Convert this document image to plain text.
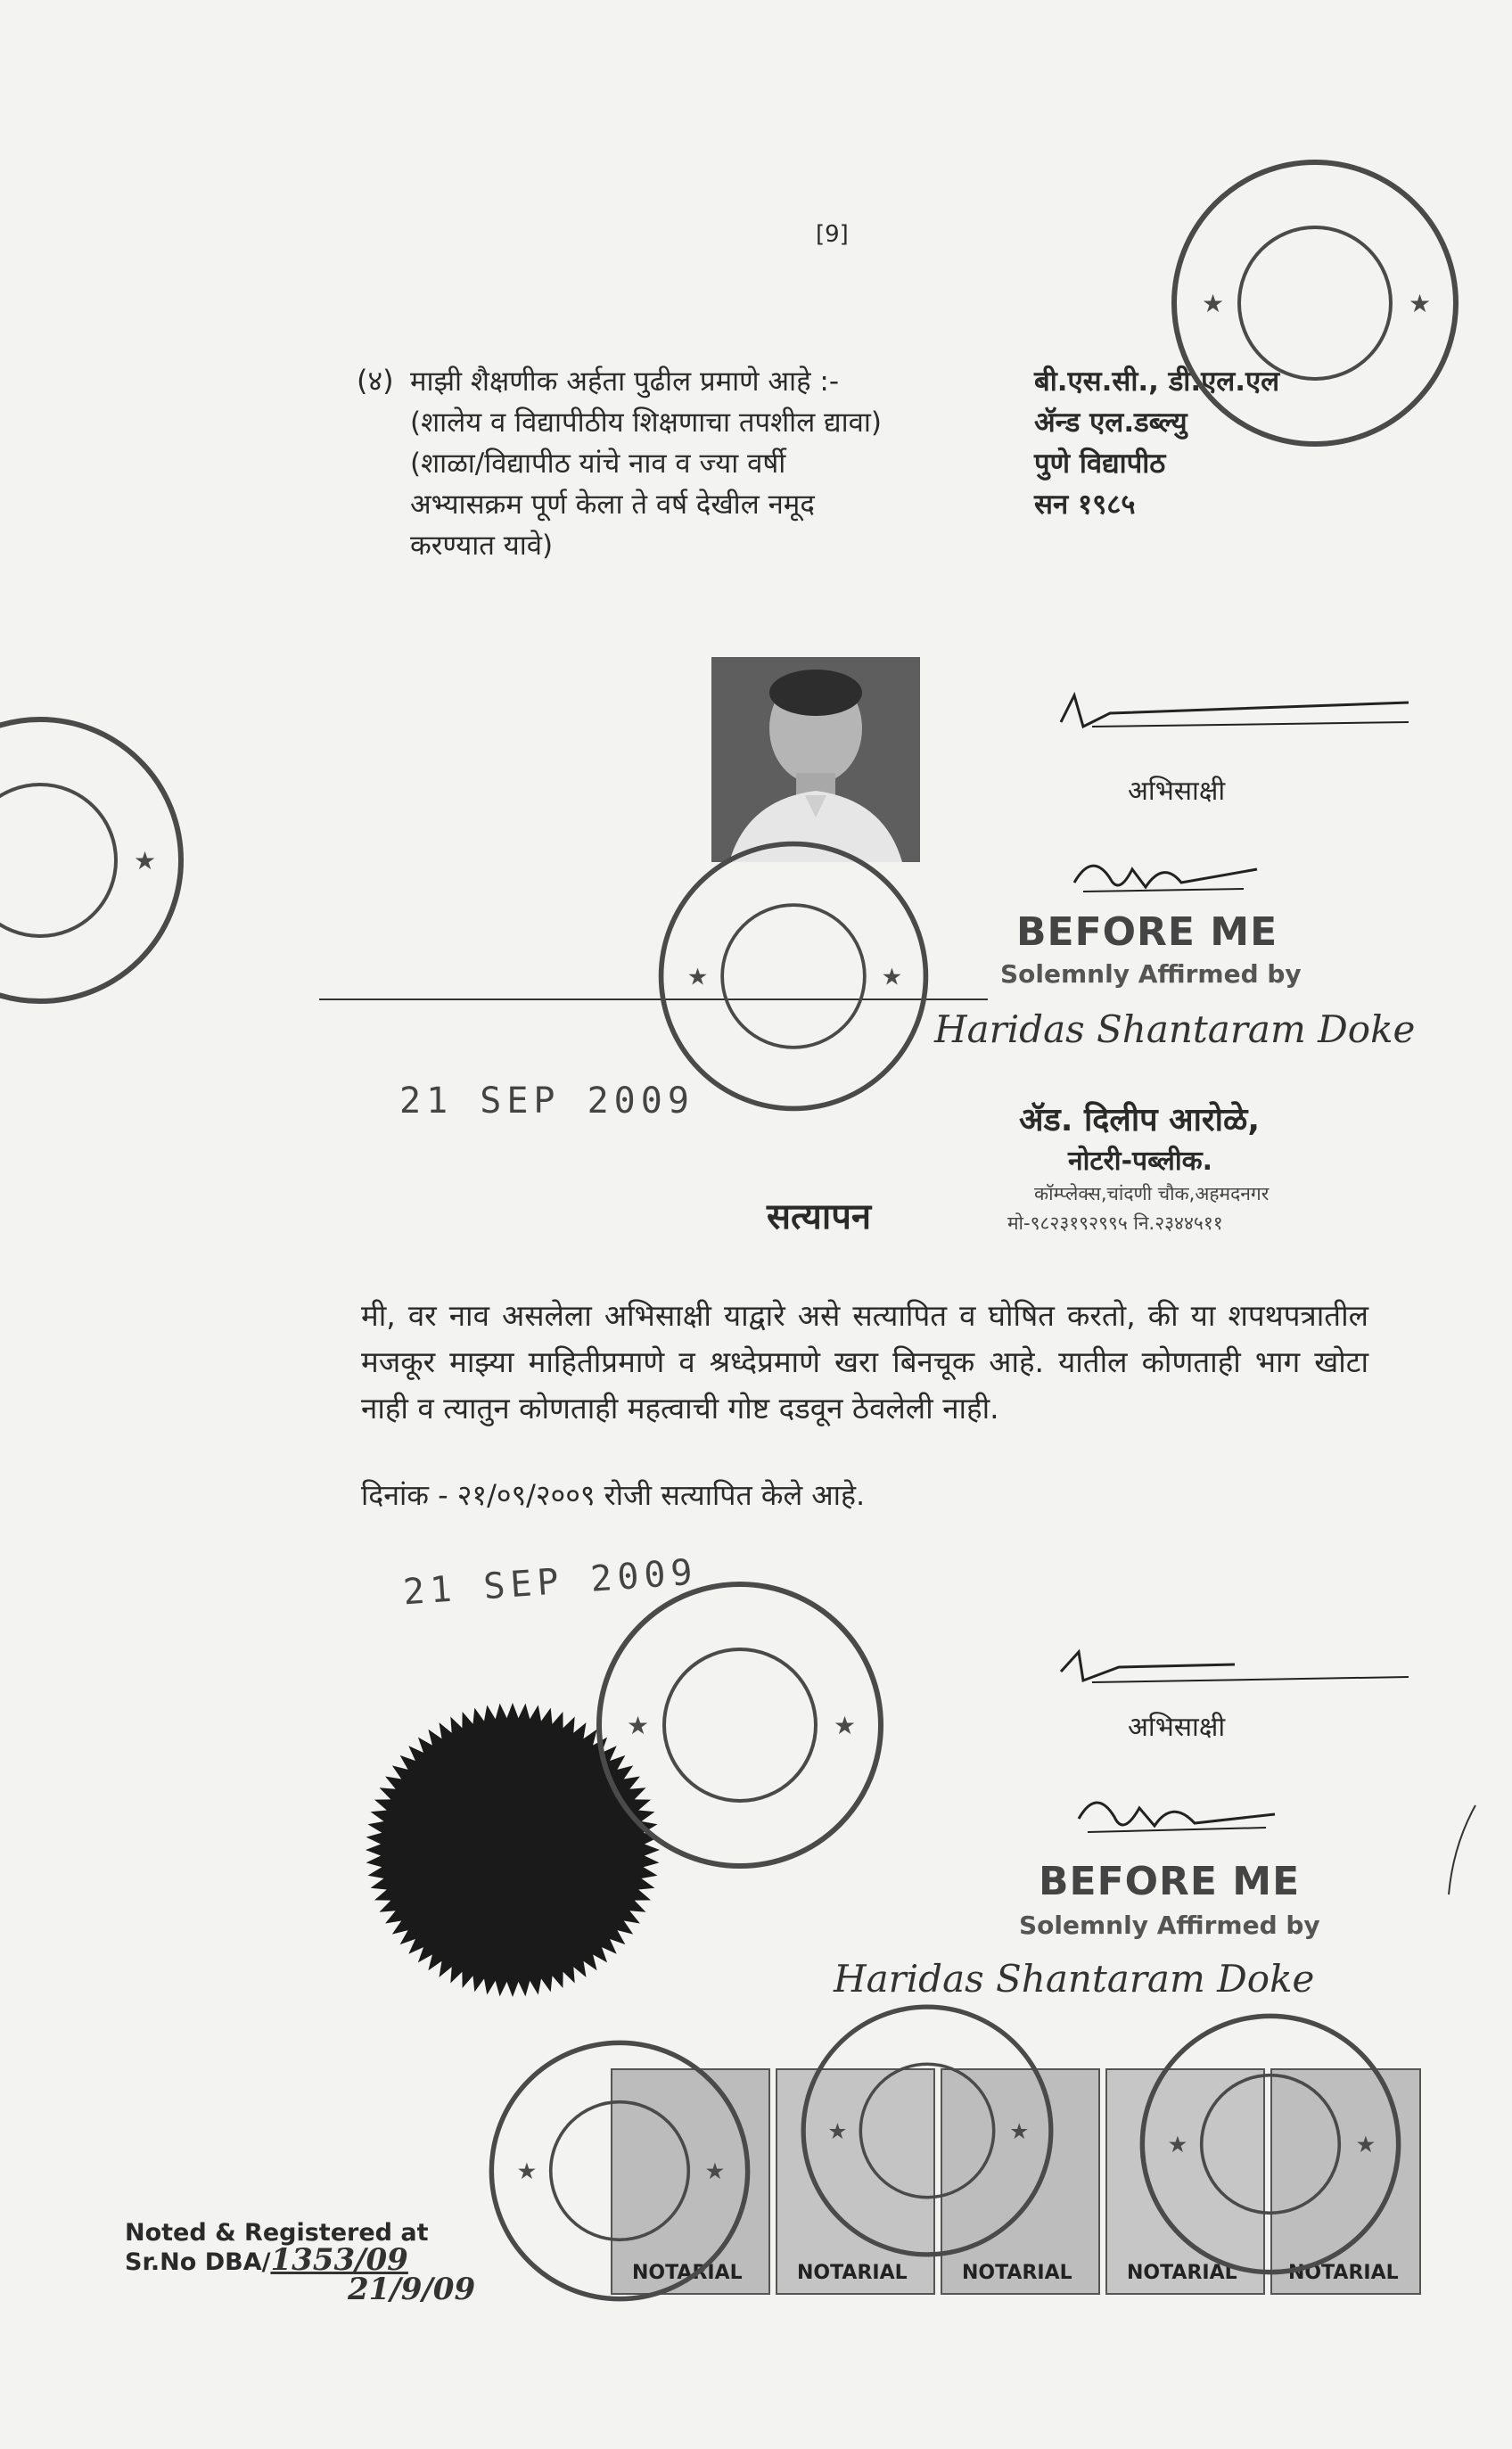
[9]
(४) माझी शैक्षणीक अर्हता पुढील प्रमाणे आहे :-
(शालेय व विद्यापीठीय शिक्षणाचा तपशील द्यावा)
(शाळा/विद्यापीठ यांचे नाव व ज्या वर्षी
अभ्यासक्रम पूर्ण केला ते वर्ष देखील नमूद
करण्यात यावे)
बी.एस.सी., डी.एल.एल
ॲन्ड एल.डब्ल्यु
पुणे विद्यापीठ
सन १९८५
अभिसाक्षी
BEFORE ME
Solemnly Affirmed by
Haridas Shantaram Doke
21 SEP 2009	ॲड. दिलीप आरोळे,
नोटरी-पब्लीक.
कॉम्प्लेक्स,चांदणी चौक,अहमदनगर
मो-९८२३१९२९९५ नि.२३४४५११
सत्यापन
मी, वर नाव असलेला अभिसाक्षी याद्वारे असे सत्यापित व घोषित करतो, की या शपथपत्रातील मजकूर माझ्या माहितीप्रमाणे व श्रध्देप्रमाणे खरा बिनचूक आहे. यातील कोणताही भाग खोटा नाही व त्यातुन कोणताही महत्वाची गोष्ट दडवून ठेवलेली नाही.
दिनांक - २१/०९/२००९ रोजी सत्यापित केले आहे.
21 SEP 2009
अभिसाक्षी
BEFORE ME
Solemnly Affirmed by
Haridas Shantaram Doke
★	★
★
★	★
★	★
NOTARIAL	NOTARIAL	NOTARIAL	NOTARIAL	NOTARIAL
★	★
★	★
★	★
Noted & Registered at
Sr.No DBA/1353/09
21/9/09
